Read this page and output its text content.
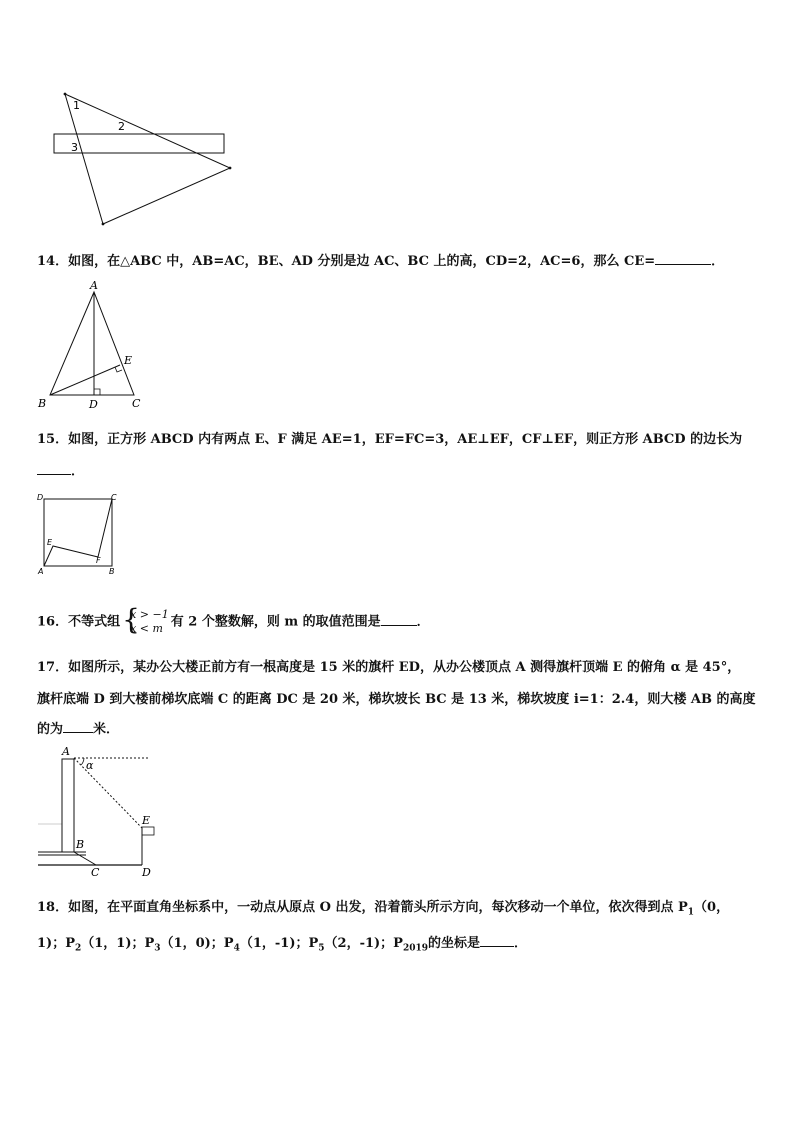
1
2
3
14．如图，在△ABC 中，AB=AC，BE、AD 分别是边 AC、BC 上的高，CD=2，AC=6，那么 CE=	．
A
B	D	C
E
15．如图，正方形 ABCD 内有两点 E、F 满足 AE=1，EF=FC=3，AE⊥EF，CF⊥EF，则正方形 ABCD 的边长为
．
D	C
E
F
A	B
16．不等式组 {
x > −1
x < m 有 2 个整数解，则 m 的取值范围是	．
17．如图所示，某办公大楼正前方有一根高度是 15 米的旗杆 ED，从办公楼顶点 A 测得旗杆顶端 E 的俯角 α 是 45°，
旗杆底端 D 到大楼前梯坎底端 C 的距离 DC 是 20 米，梯坎坡长 BC 是 13 米，梯坎坡度 i=1：2.4，则大楼 AB 的高度
的为 米．
A
α
E
B
C	D
18．如图，在平面直角坐标系中，一动点从原点 O 出发，沿着箭头所示方向，每次移动一个单位，依次得到点 $P_1(0$，
1)；$P_2(1$，1)；$P_3(1$，0)；$P_4(1$，-1)；$P_5(2$，-1)；$P_{2019}$的坐标是	．
